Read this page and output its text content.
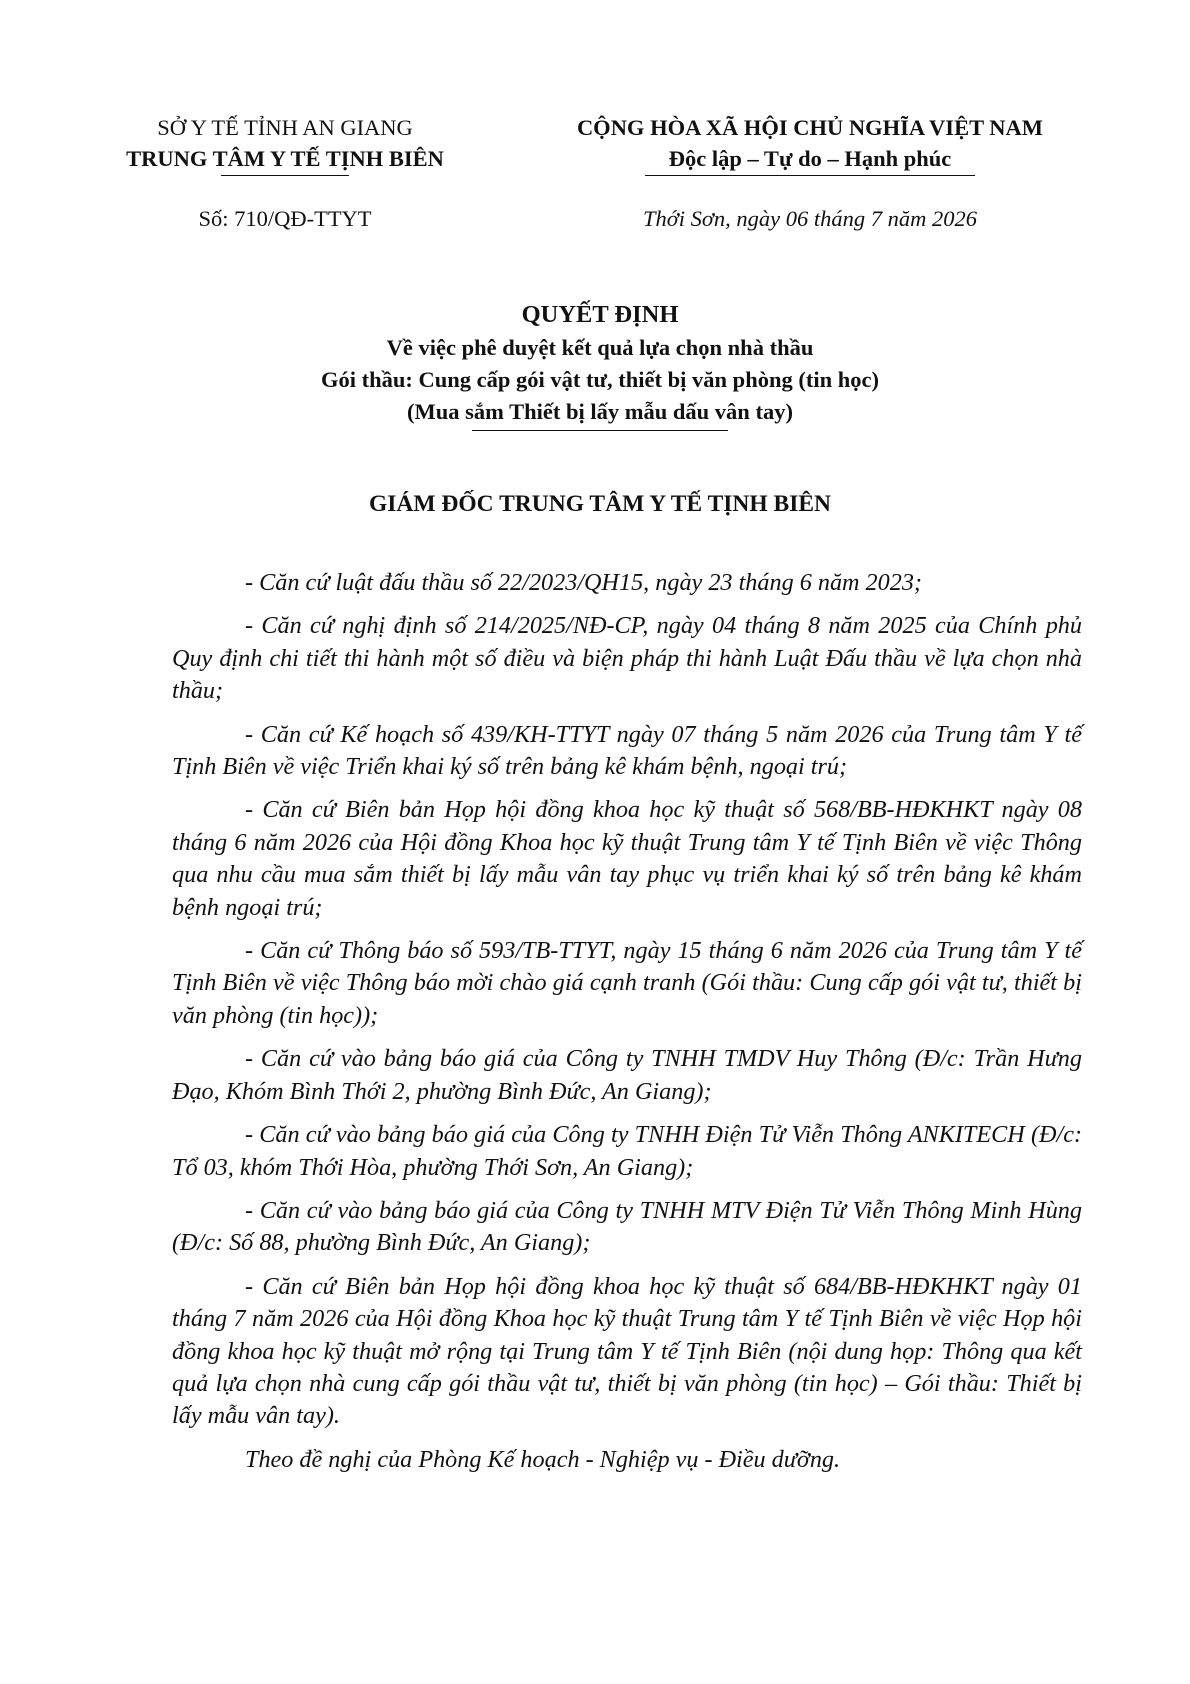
SỞ Y TẾ TỈNH AN GIANG
TRUNG TÂM Y TẾ TỊNH BIÊN
CỘNG HÒA XÃ HỘI CHỦ NGHĨA VIỆT NAM
Độc lập – Tự do – Hạnh phúc
Số: 710/QĐ-TTYT	Thới Sơn, ngày 06 tháng 7 năm 2026
QUYẾT ĐỊNH
Về việc phê duyệt kết quả lựa chọn nhà thầu
Gói thầu: Cung cấp gói vật tư, thiết bị văn phòng (tin học)
(Mua sắm Thiết bị lấy mẫu dấu vân tay)
GIÁM ĐỐC TRUNG TÂM Y TẾ TỊNH BIÊN

- Căn cứ luật đấu thầu số 22/2023/QH15, ngày 23 tháng 6 năm 2023;

- Căn cứ nghị định số 214/2025/NĐ-CP, ngày 04 tháng 8 năm 2025 của Chính phủ Quy định chi tiết thi hành một số điều và biện pháp thi hành Luật Đấu thầu về lựa chọn nhà thầu;

- Căn cứ Kế hoạch số 439/KH-TTYT ngày 07 tháng 5 năm 2026 của Trung tâm Y tế Tịnh Biên về việc Triển khai ký số trên bảng kê khám bệnh, ngoại trú;

- Căn cứ Biên bản Họp hội đồng khoa học kỹ thuật số 568/BB-HĐKHKT ngày 08 tháng 6 năm 2026 của Hội đồng Khoa học kỹ thuật Trung tâm Y tế Tịnh Biên về việc Thông qua nhu cầu mua sắm thiết bị lấy mẫu vân tay phục vụ triển khai ký số trên bảng kê khám bệnh ngoại trú;

- Căn cứ Thông báo số 593/TB-TTYT, ngày 15 tháng 6 năm 2026 của Trung tâm Y tế Tịnh Biên về việc Thông báo mời chào giá cạnh tranh (Gói thầu: Cung cấp gói vật tư, thiết bị văn phòng (tin học));

- Căn cứ vào bảng báo giá của Công ty TNHH TMDV Huy Thông (Đ/c: Trần Hưng Đạo, Khóm Bình Thới 2, phường Bình Đức, An Giang);

- Căn cứ vào bảng báo giá của Công ty TNHH Điện Tử Viễn Thông ANKITECH (Đ/c: Tổ 03, khóm Thới Hòa, phường Thới Sơn, An Giang);

- Căn cứ vào bảng báo giá của Công ty TNHH MTV Điện Tử Viễn Thông Minh Hùng (Đ/c: Số 88, phường Bình Đức, An Giang);

- Căn cứ Biên bản Họp hội đồng khoa học kỹ thuật số 684/BB-HĐKHKT ngày 01 tháng 7 năm 2026 của Hội đồng Khoa học kỹ thuật Trung tâm Y tế Tịnh Biên về việc Họp hội đồng khoa học kỹ thuật mở rộng tại Trung tâm Y tế Tịnh Biên (nội dung họp: Thông qua kết quả lựa chọn nhà cung cấp gói thầu vật tư, thiết bị văn phòng (tin học) – Gói thầu: Thiết bị lấy mẫu vân tay).

Theo đề nghị của Phòng Kế hoạch - Nghiệp vụ - Điều dưỡng.
